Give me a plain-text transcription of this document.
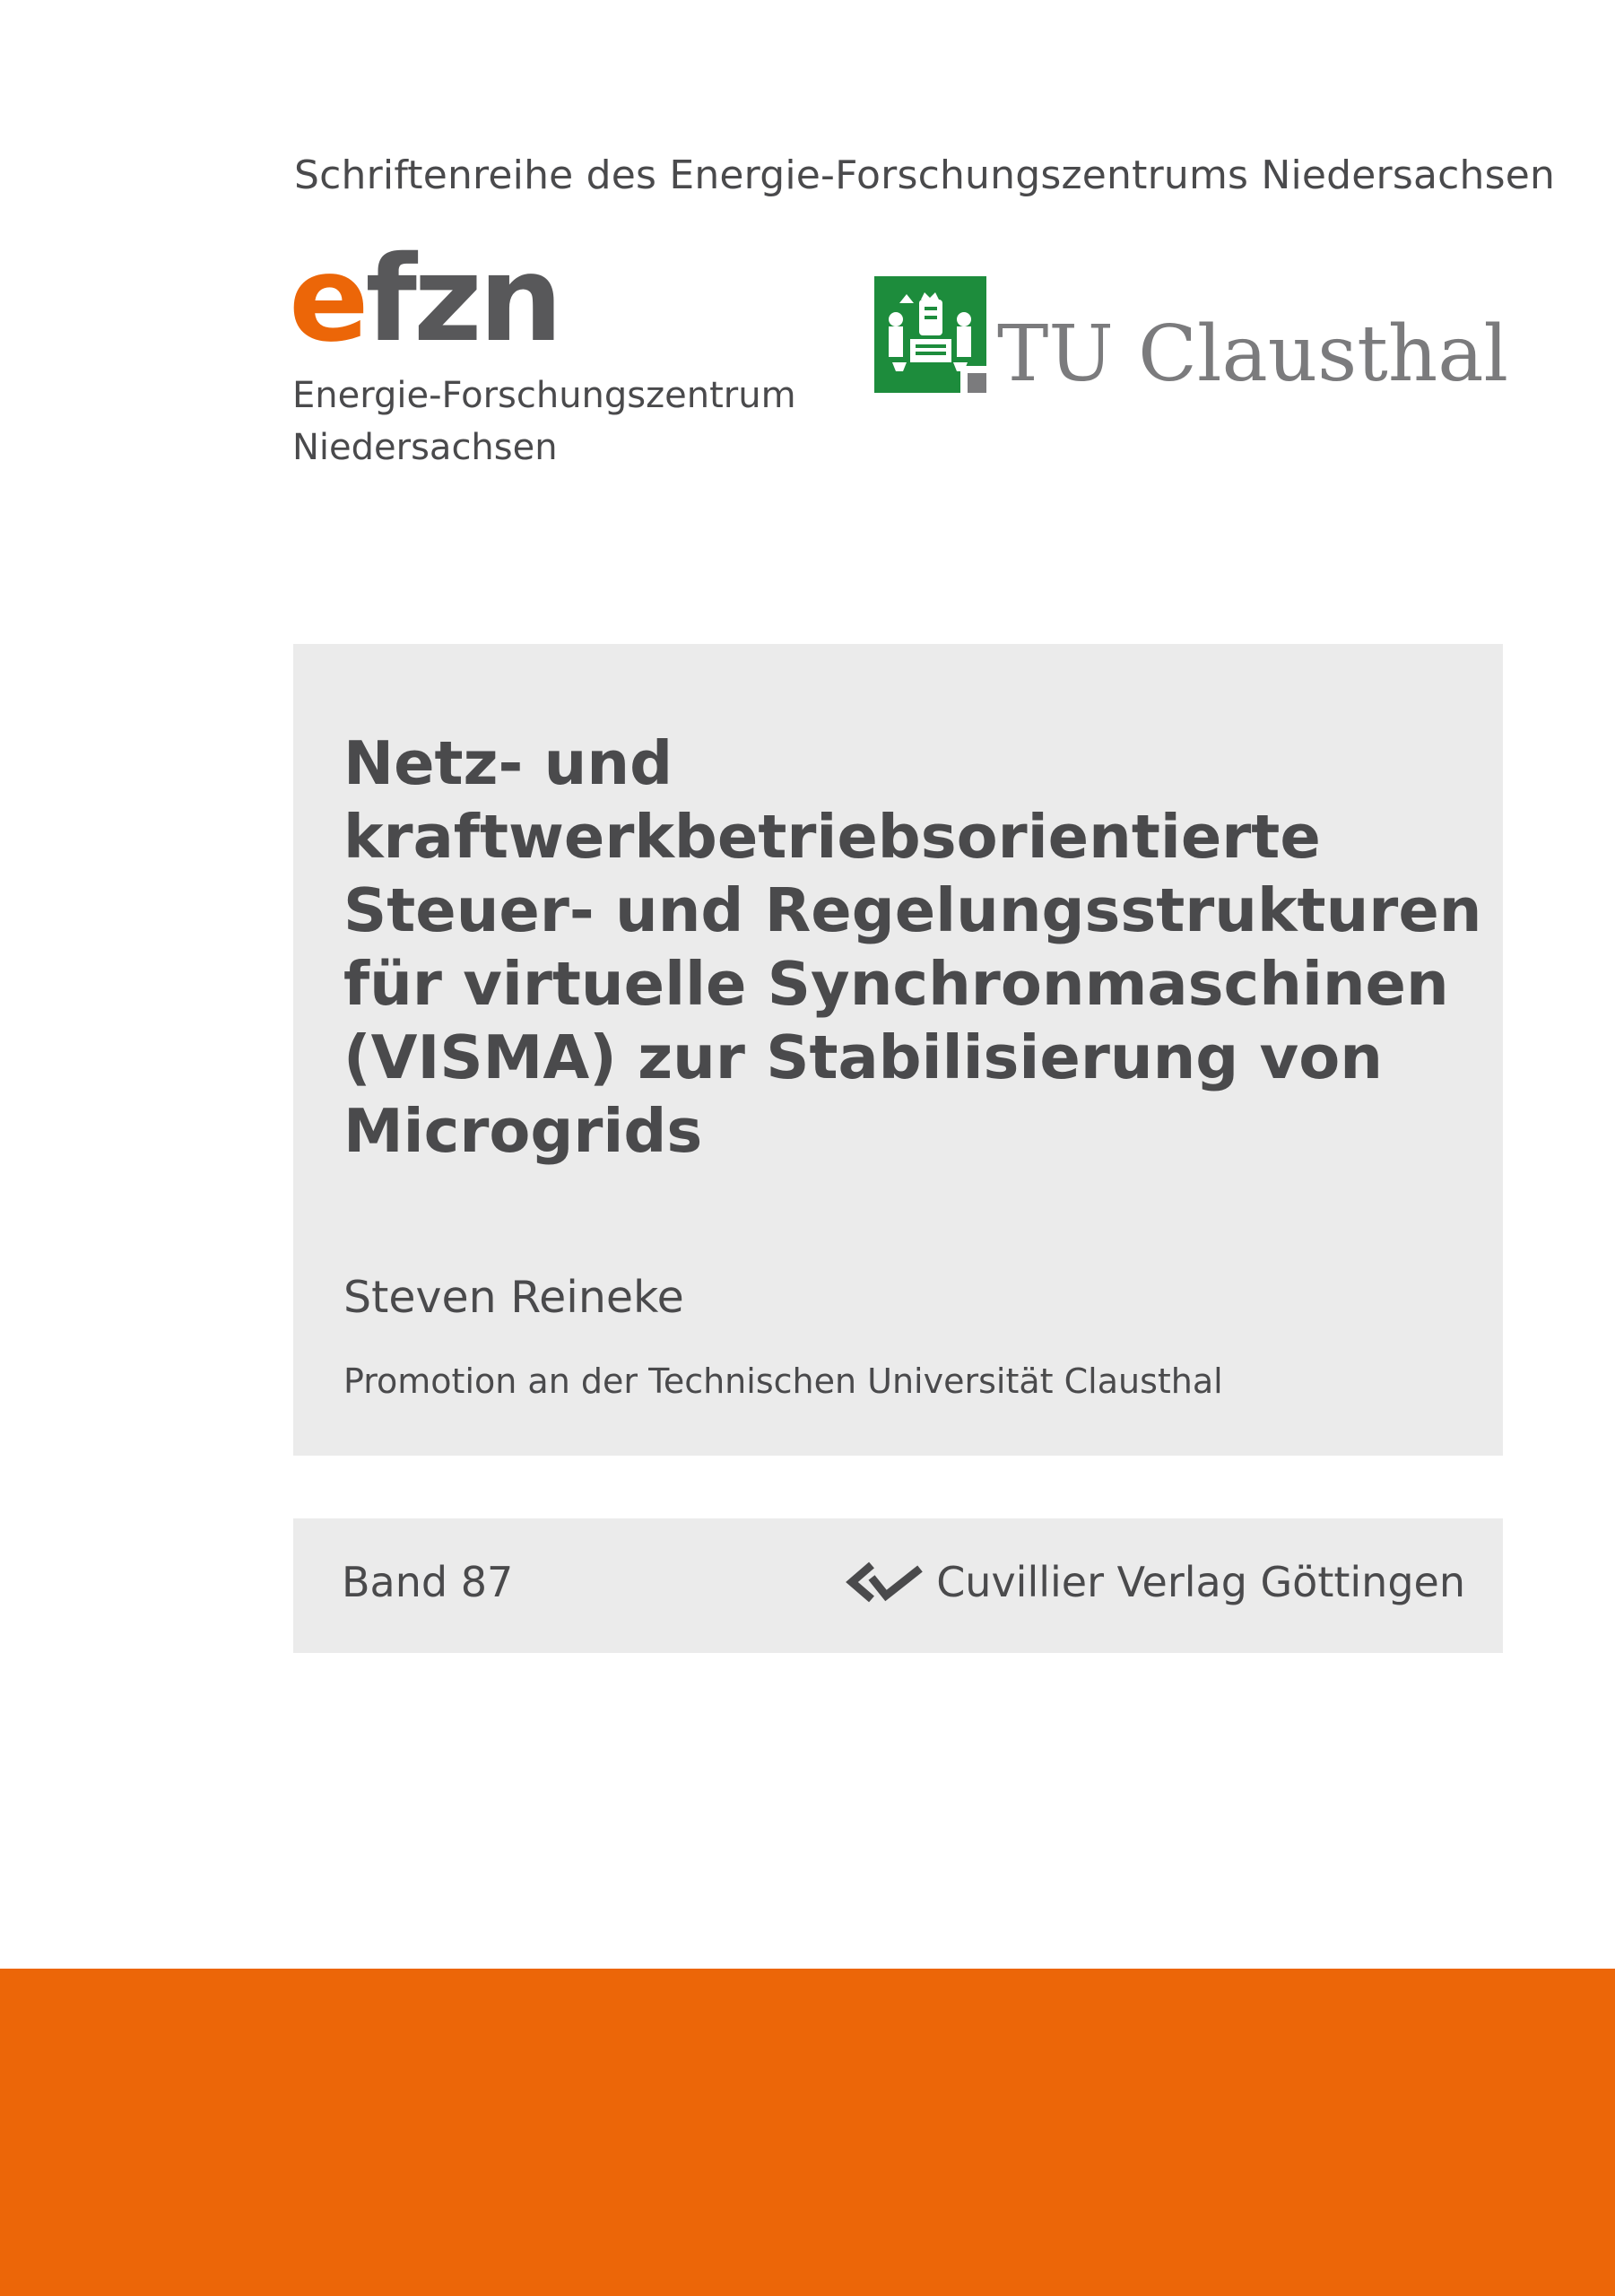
Schriftenreihe des Energie-Forschungszentrums Niedersachsen
efzn
Energie-Forschungszentrum
Niedersachsen
TU Clausthal
Netz- und
kraftwerkbetriebsorientierte
Steuer- und Regelungsstrukturen
für virtuelle Synchronmaschinen
(VISMA) zur Stabilisierung von
Microgrids
Steven Reineke
Promotion an der Technischen Universität Clausthal
Band 87	Cuvillier Verlag Göttingen
